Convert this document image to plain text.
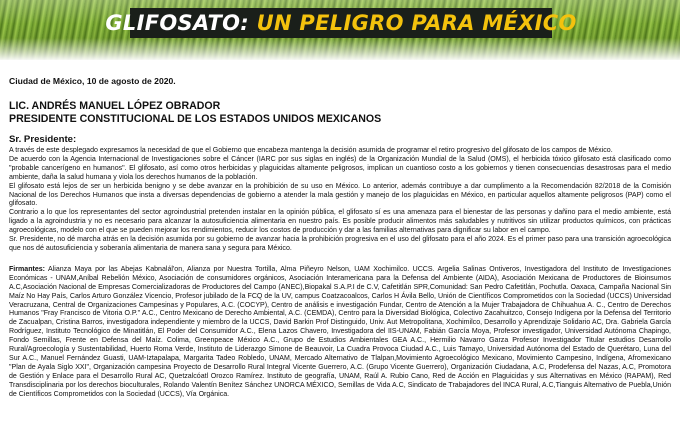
GLIFOSATO: UN PELIGRO PARA MÉXICO
Ciudad de México, 10 de agosto de 2020.
LIC. ANDRÉS MANUEL LÓPEZ OBRADOR
PRESIDENTE CONSTITUCIONAL DE LOS ESTADOS UNIDOS MEXICANOS
Sr. Presidente:

A través de este desplegado expresamos la necesidad de que el Gobierno que encabeza mantenga la decisión asumida de programar el retiro progresivo del glifosato de los campos de México.

De acuerdo con la Agencia Internacional de Investigaciones sobre el Cáncer (IARC por sus siglas en inglés) de la Organización Mundial de la Salud (OMS), el herbicida tóxico glifosato está clasificado como "probable cancerígeno en humanos". El glifosato, así como otros herbicidas y plaguicidas altamente peligrosos, implican un cuantioso costo a los gobiernos y tienen consecuencias desastrosas para el medio ambiente, daña la salud humana y viola los derechos humanos de la población.

El glifosato está lejos de ser un herbicida benigno y se debe avanzar en la prohibición de su uso en México. Lo anterior, además contribuye a dar cumplimento a la Recomendación 82/2018 de la Comisión Nacional de los Derechos Humanos que insta a diversas dependencias de gobierno a atender la mala gestión y manejo de los plaguicidas en México, en particular aquellos altamente peligrosos (PAP) como el glifosato.

Contrario a lo que los representantes del sector agroindustrial pretenden instalar en la opinión pública, el glifosato sí es una amenaza para el bienestar de las personas y dañino para el medio ambiente, está ligado a la agroindustria y no es necesario para alcanzar la autosuficiencia alimentaria en nuestro país. Es posible producir alimentos más saludables y nutritivos sin utilizar productos químicos, con prácticas agroecológicas, modelo con el que se pueden mejorar los rendimientos, reducir los costos de producción y dar a las familias alternativas para dignificar su labor en el campo.

Sr. Presidente, no dé marcha atrás en la decisión asumida por su gobierno de avanzar hacia la prohibición progresiva en el uso del glifosato para el año 2024. Es el primer paso para una transición agroecológica que nos dé autosuficiencia y soberanía alimentaria de manera sana y segura para México.

Firmantes: Alianza Maya por las Abejas Kabnalál'on, Alianza por Nuestra Tortilla, Alma Piñeyro Nelson, UAM Xochimilco. UCCS. Argelia Salinas Ontiveros, Investigadora del Instituto de Investigaciones Económicas - UNAM,Aníbal Rebelión México, Asociación de consumidores orgánicos, Asociación Interamericana para la Defensa del Ambiente (AIDA), Asociación Mexicana de Productores de Bioinsumos A.C,Asociación Nacional de Empresas Comercializadoras de Productores del Campo (ANEC),Biopakal S.A.P.I de C.V, Cafetitlán SPR,Comunidad: San Pedro Cafetitlán, Pochutla. Oaxaca, Campaña Nacional Sin Maíz No Hay País, Carlos Arturo González Vicencio, Profesor jubilado de la FCQ de la UV, campus Coatzacoalcos, Carlos H Ávila Bello, Unión de Científicos Comprometidos con la Sociedad (UCCS) Universidad Veracruzana, Central de Organizaciones Campesinas y Populares, A.C. (COCYP), Centro de análisis e investigación Fundar, Centro de Atención a la Mujer Trabajadora de Chihuahua A. C., Centro de Derechos Humanos "Fray Francisco de Vitoria O.P." A.C., Centro Mexicano de Derecho Ambiental, A.C. (CEMDA), Centro para la Diversidad Biológica, Colectivo Zacahuitzco, Consejo Indígena por la Defensa del Territorio de Zacualpan, Cristina Barros, investigadora independiente y miembro de la UCCS, David Barkin Prof Distinguido, Univ. Aut Metropolitana, Xochimilco, Desarrollo y Aprendizaje Solidario AC, Dra. Gabriela García Rodríguez, Instituto Tecnológico de Minatitlán, El Poder del Consumidor A.C., Elena Lazos Chavero, Investigadora del IIS-UNAM, Fabián García Moya, Profesor investigador, Universidad Autónoma Chapingo, Fondo Semillas, Frente en Defensa del Maíz. Colima, Greenpeace México A.C., Grupo de Estudios Ambientales GEA A.C., Hermilio Navarro Garza Profesor Investigador Titular estudios Desarrollo Rural/Agroecología y Sustentabilidad, Huerto Roma Verde, Instituto de Liderazgo Simone de Beauvoir, La Cuadra Provoca Ciudad A.C., Luis Tamayo, Universidad Autónoma del Estado de Querétaro, Luna del Sur A.C., Manuel Fernández Guasti, UAM-Iztapalapa, Margarita Tadeo Robledo, UNAM, Mercado Alternativo de Tlalpan,Movimiento Agroecológico Mexicano, Movimiento Campesino, Indígena, Afromexicano "Plan de Ayala Siglo XXI", Organización campesina Proyecto de Desarrollo Rural Integral Vicente Guerrero, A.C. (Grupo Vicente Guerrero), Organización Ciudadana, A.C, Prodefensa del Nazas, A.C, Promotora de Gestión y Enlace para el Desarrollo Rural AC, Quetzalcóatl Orozco Ramírez. Instituto de geografía, UNAM, Raúl A. Rubio Cano, Red de Acción en Plaguicidas y sus Alternativas en México (RAPAM), Red Transdisciplinaria por los derechos bioculturales, Rolando Valentín Benítez Sánchez UNORCA MÉXICO, Semillas de Vida A.C, Sindicato de Trabajadores del INCA Rural, A.C,Tianguis Alternativo de Puebla,Unión de Científicos Comprometidos con la Sociedad (UCCS), Vía Orgánica.
